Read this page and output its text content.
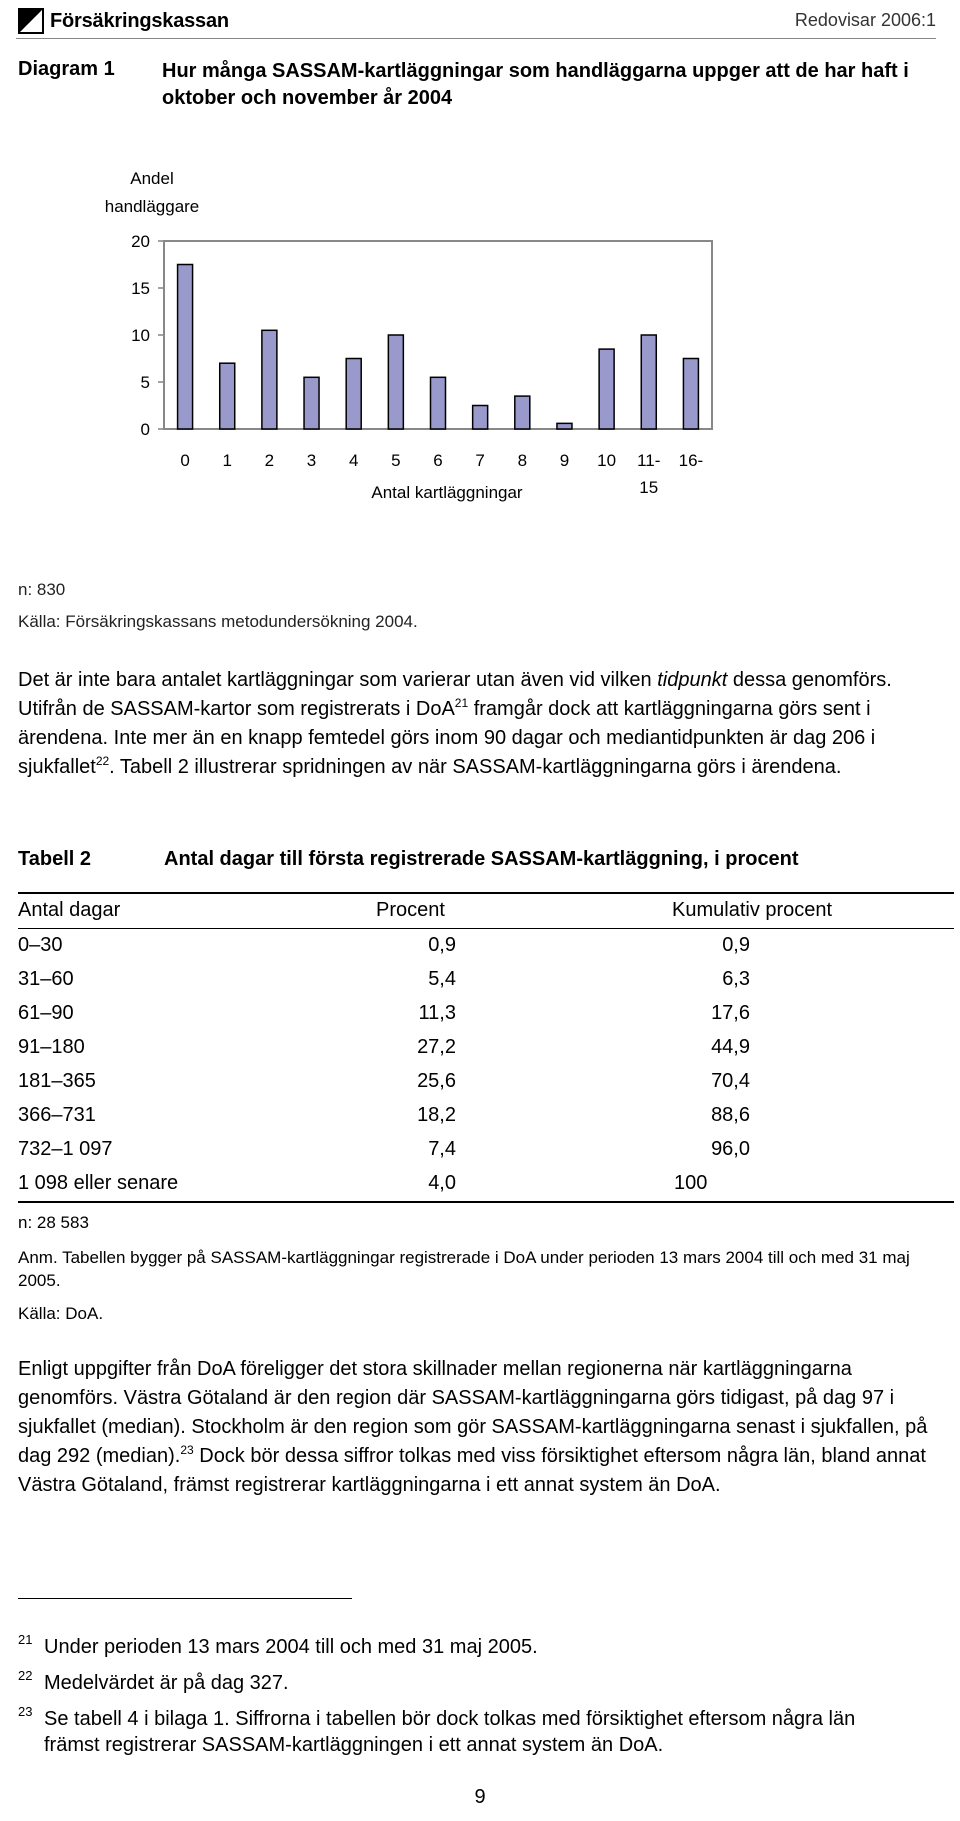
Försäkringskassan	Redovisar 2006:1
Diagram 1 Hur många SASSAM-kartläggningar som handläggarna uppger att de har haft i oktober och november år 2004
Andel
handläggare
20
15
10
5
0
0 1 2 3 4 5 6 7 8 9 10 11-
15
16-
Antal kartläggningar
n: 830
Källa: Försäkringskassans metodundersökning 2004.
Det är inte bara antalet kartläggningar som varierar utan även vid vilken tidpunkt dessa genomförs. Utifrån de SASSAM-kartor som registrerats i DoA$^{21}$ framgår dock att kartläggningarna görs sent i ärendena. Inte mer än en knapp femtedel görs inom 90 dagar och mediantidpunkten är dag 206 i sjukfallet$^{22}$. Tabell 2 illustrerar spridningen av när SASSAM-kartläggningarna görs i ärendena.
Tabell 2	Antal dagar till första registrerade SASSAM-kartläggning, i procent
Antal dagar	Procent	Kumulativ procent
0–30	0,9	0,9
31–60	5,4	6,3
61–90	11,3	17,6
91–180	27,2	44,9
181–365	25,6	70,4
366–731	18,2	88,6
732–1 097	7,4	96,0
1 098 eller senare	4,0	100
n: 28 583
Anm. Tabellen bygger på SASSAM-kartläggningar registrerade i DoA under perioden 13 mars 2004 till och med 31 maj 2005.
Källa: DoA.
Enligt uppgifter från DoA föreligger det stora skillnader mellan regionerna när kartläggningarna genomförs. Västra Götaland är den region där SASSAM-kartläggningarna görs tidigast, på dag 97 i sjukfallet (median). Stockholm är den region som gör SASSAM-kartläggningarna senast i sjukfallen, på dag 292 (median).$^{23}$ Dock bör dessa siffror tolkas med viss försiktighet eftersom några län, bland annat Västra Götaland, främst registrerar kartläggningarna i ett annat system än DoA.
21 Under perioden 13 mars 2004 till och med 31 maj 2005.
22 Medelvärdet är på dag 327.
23 Se tabell 4 i bilaga 1. Siffrorna i tabellen bör dock tolkas med försiktighet eftersom några län främst registrerar SASSAM-kartläggningen i ett annat system än DoA.
9
